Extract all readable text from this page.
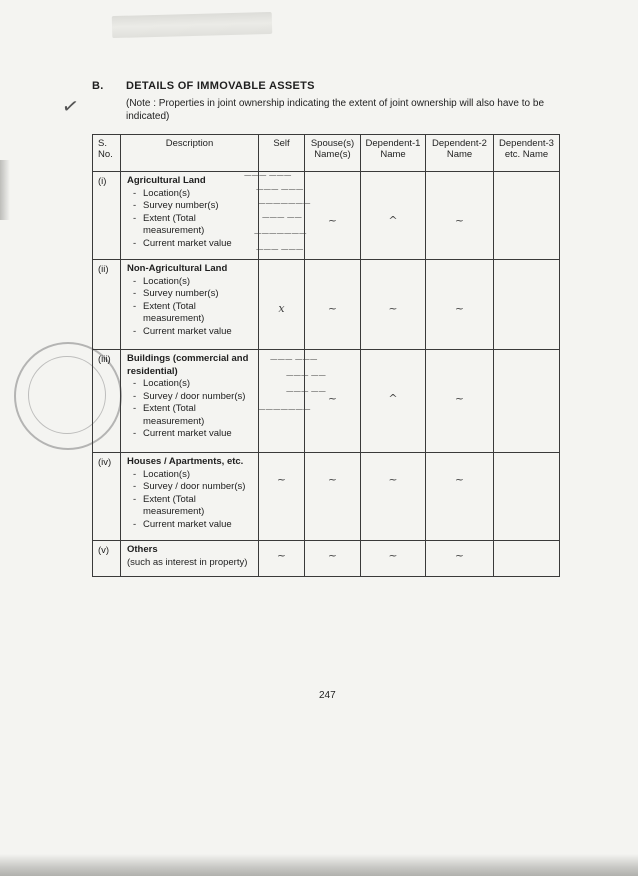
✓
B. DETAILS OF IMMOVABLE ASSETS
(Note : Properties in joint ownership indicating the extent of joint ownership will also have to be indicated)
S. No.	Description	Self	Spouse(s) Name(s)	Dependent-1 Name	Dependent-2 Name	Dependent-3 etc. Name
(i)	Agricultural Land
- Location(s)
- Survey number(s)
- Extent (Total measurement)
- Current market value		~	^	~	
(ii)	Non-Agricultural Land
- Location(s)
- Survey number(s)
- Extent (Total measurement)
- Current market value	x	~	~	~	
(iii)	Buildings (commercial and residential)
- Location(s)
- Survey / door number(s)
- Extent (Total measurement)
- Current market value		~	^	~	
(iv)	Houses / Apartments, etc.
- Location(s)
- Survey / door number(s)
- Extent (Total measurement)
- Current market value	~	~	~	~	
(v)	Others
(such as interest in property)	~	~	~	~	
——— ———
——— ———
———————
——— ——
———————
——— ———
——— ———
——— ——
——— ——
———————
247
